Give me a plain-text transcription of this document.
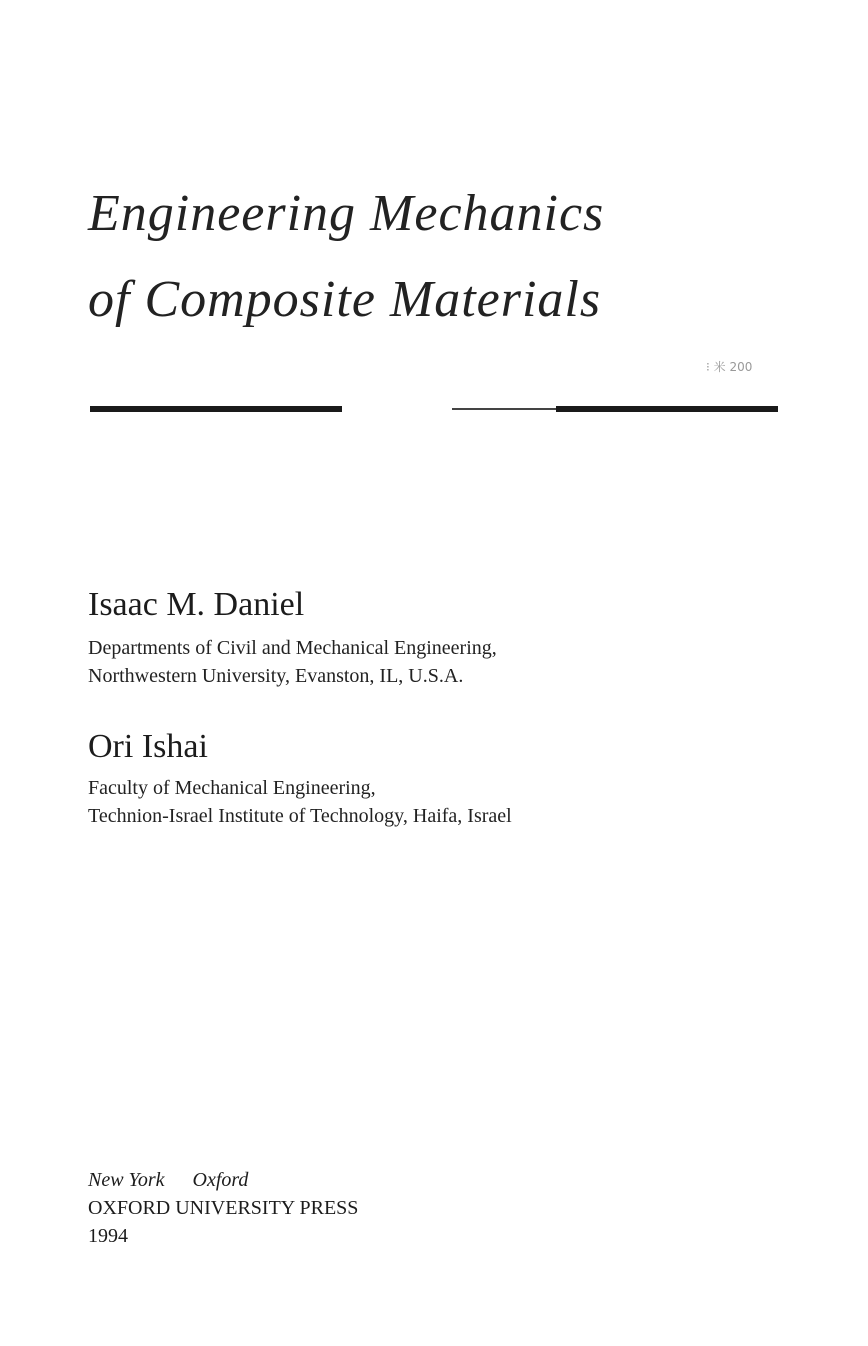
Engineering Mechanics
of Composite Materials
⁝ 米 200
Isaac M. Daniel
Departments of Civil and Mechanical Engineering,
Northwestern University, Evanston, IL, U.S.A.
Ori Ishai
Faculty of Mechanical Engineering,
Technion-Israel Institute of Technology, Haifa, Israel
New York Oxford
OXFORD UNIVERSITY PRESS
1994
